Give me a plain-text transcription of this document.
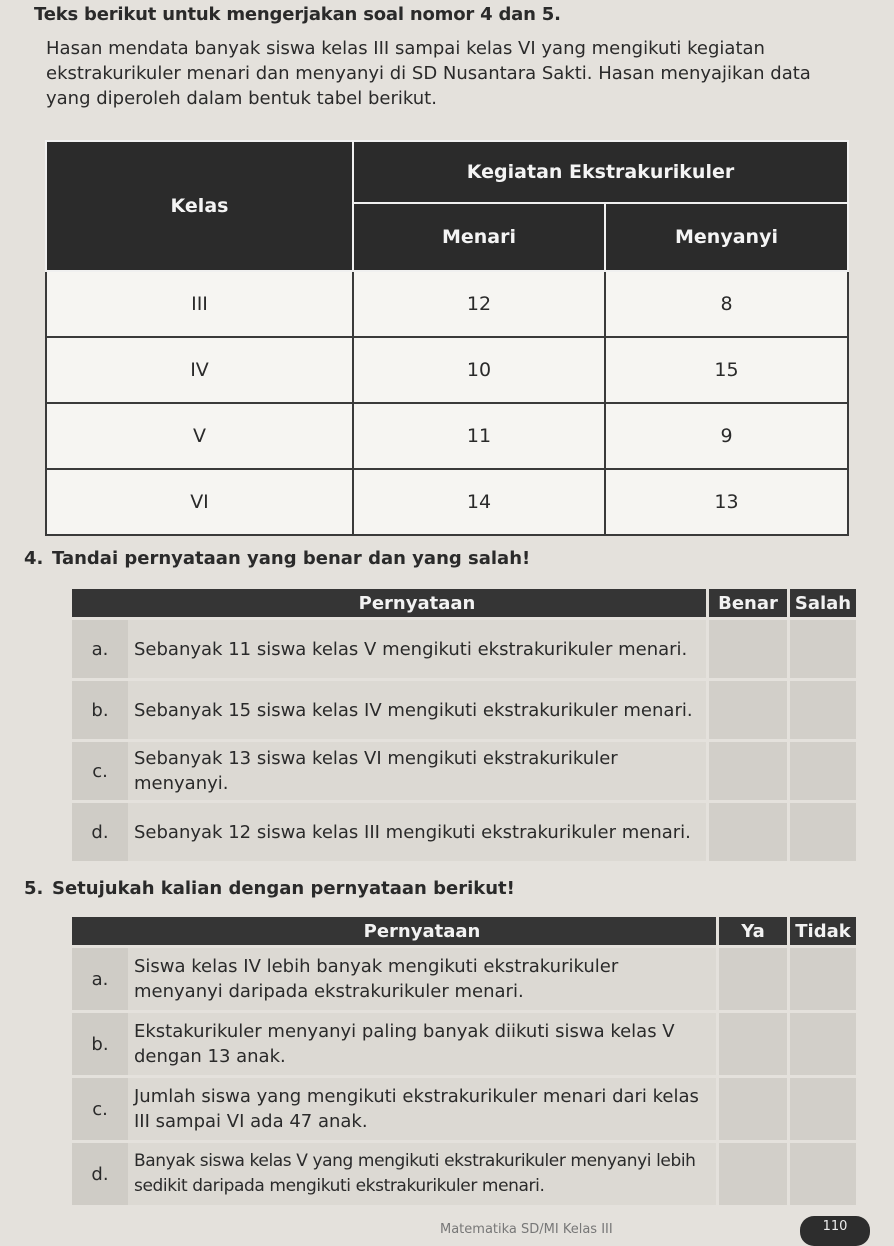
Teks berikut untuk mengerjakan soal nomor 4 dan 5.

Hasan mendata banyak siswa kelas III sampai kelas VI yang mengikuti kegiatan ekstrakurikuler menari dan menyanyi di SD Nusantara Sakti. Hasan menyajikan data yang diperoleh dalam bentuk tabel berikut.

Kelas	Kegiatan Ekstrakurikuler	
	Menari	Menyanyi
III	12	8
IV	10	15
V	11	9
VI	14	13
4. Tandai pernyataan yang benar dan yang salah!
	Pernyataan	Benar	Salah
a.	Sebanyak 11 siswa kelas V mengikuti ekstrakurikuler menari.		
b.	Sebanyak 15 siswa kelas IV mengikuti ekstrakurikuler menari.		
c.	Sebanyak 13 siswa kelas VI mengikuti ekstrakurikuler menyanyi.		
d.	Sebanyak 12 siswa kelas III mengikuti ekstrakurikuler menari.		
5. Setujukah kalian dengan pernyataan berikut!
	Pernyataan	Ya	Tidak
a.	Siswa kelas IV lebih banyak mengikuti ekstrakurikuler menyanyi daripada ekstrakurikuler menari.		
b.	Ekstakurikuler menyanyi paling banyak diikuti siswa kelas V dengan 13 anak.		
c.	Jumlah siswa yang mengikuti ekstrakurikuler menari dari kelas III sampai VI ada 47 anak.		
d.	Banyak siswa kelas V yang mengikuti ekstrakurikuler menyanyi lebih sedikit daripada mengikuti ekstrakurikuler menari.		
Matematika SD/MI Kelas III	110
